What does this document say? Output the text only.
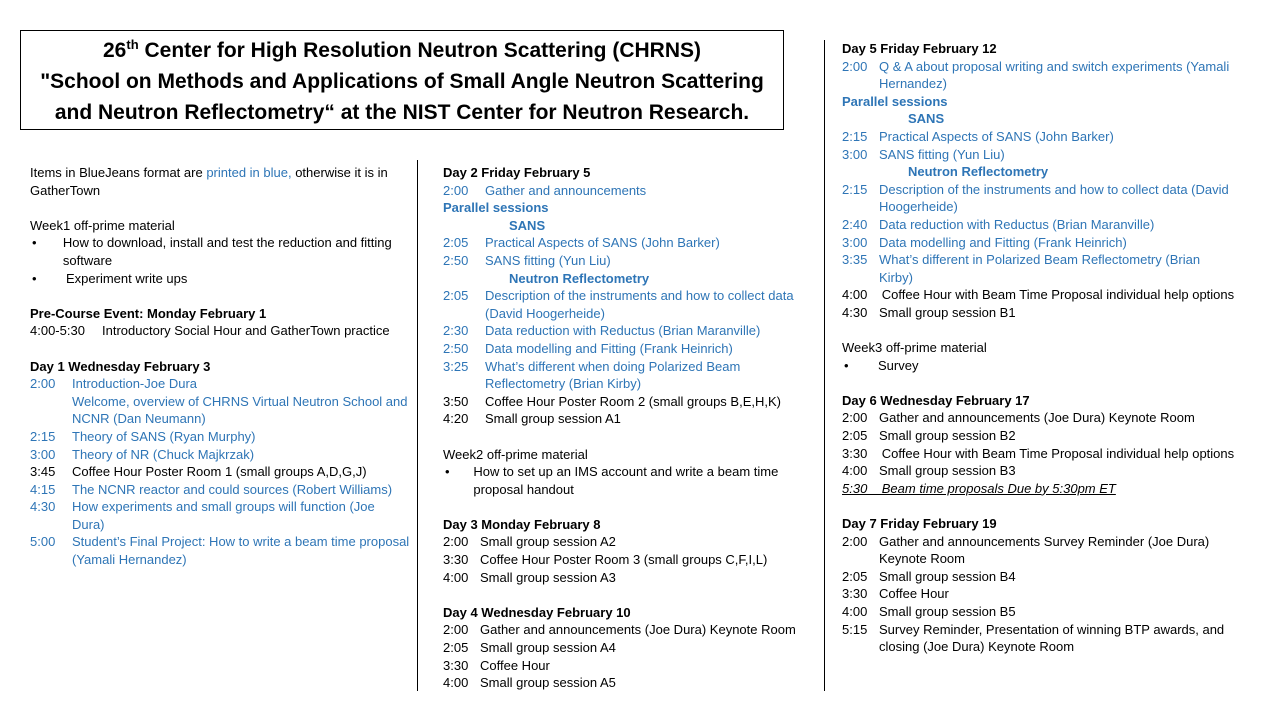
26th Center for High Resolution Neutron Scattering (CHRNS)
"School on Methods and Applications of Small Angle Neutron Scattering
and Neutron Reflectometry“ at the NIST Center for Neutron Research.
Items in BlueJeans format are printed in blue, otherwise it is in GatherTown
Week1 off-prime material
•	How to download, install and test the reduction and fitting software
•	Experiment write ups
Pre-Course Event: Monday February 1
4:00-5:30	Introductory Social Hour and GatherTown practice
Day 1 Wednesday February 3
2:00	Introduction-Joe Dura
Welcome, overview of CHRNS Virtual Neutron School and NCNR (Dan Neumann)
2:15	Theory of SANS (Ryan Murphy)
3:00	Theory of NR (Chuck Majkrzak)
3:45	Coffee Hour Poster Room 1 (small groups A,D,G,J)
4:15	The NCNR reactor and could sources (Robert Williams)
4:30	How experiments and small groups will function (Joe Dura)
5:00	Student’s Final Project: How to write a beam time proposal (Yamali Hernandez)
Day 2 Friday February 5
2:00	Gather and announcements
Parallel sessions
SANS
2:05	Practical Aspects of SANS (John Barker)
2:50	SANS fitting (Yun Liu)
Neutron Reflectometry
2:05	Description of the instruments and how to collect data (David Hoogerheide)
2:30	Data reduction with Reductus (Brian Maranville)
2:50	Data modelling and Fitting (Frank Heinrich)
3:25	What’s different when doing Polarized Beam Reflectometry (Brian Kirby)
3:50	Coffee Hour Poster Room 2 (small groups B,E,H,K)
4:20	Small group session A1
Week2 off-prime material
•	How to set up an IMS account and write a beam time proposal handout
Day 3 Monday February 8
2:00 Small group session A2
3:30 Coffee Hour Poster Room 3 (small groups C,F,I,L)
4:00 Small group session A3
Day 4 Wednesday February 10
2:00 Gather and announcements (Joe Dura) Keynote Room
2:05 Small group session A4
3:30 Coffee Hour
4:00 Small group session A5
Day 5 Friday February 12
2:00 Q & A about proposal writing and switch experiments (Yamali Hernandez)
Parallel sessions
SANS
2:15 Practical Aspects of SANS (John Barker)
3:00 SANS fitting (Yun Liu)
Neutron Reflectometry
2:15 Description of the instruments and how to collect data (David Hoogerheide)
2:40 Data reduction with Reductus (Brian Maranville)
3:00 Data modelling and Fitting (Frank Heinrich)
3:35 What’s different in Polarized Beam Reflectometry (Brian Kirby)
4:00    Coffee Hour with Beam Time Proposal individual help options
4:30 Small group session B1
Week3 off-prime material
•	Survey
Day 6 Wednesday February 17
2:00 Gather and announcements (Joe Dura) Keynote Room
2:05 Small group session B2
3:30    Coffee Hour with Beam Time Proposal individual help options
4:00 Small group session B3
5:30    Beam time proposals Due by 5:30pm ET
Day 7 Friday February 19
2:00 Gather and announcements Survey Reminder (Joe Dura) Keynote Room
2:05 Small group session B4
3:30 Coffee Hour
4:00 Small group session B5
5:15 Survey Reminder, Presentation of winning BTP awards, and closing (Joe Dura) Keynote Room
